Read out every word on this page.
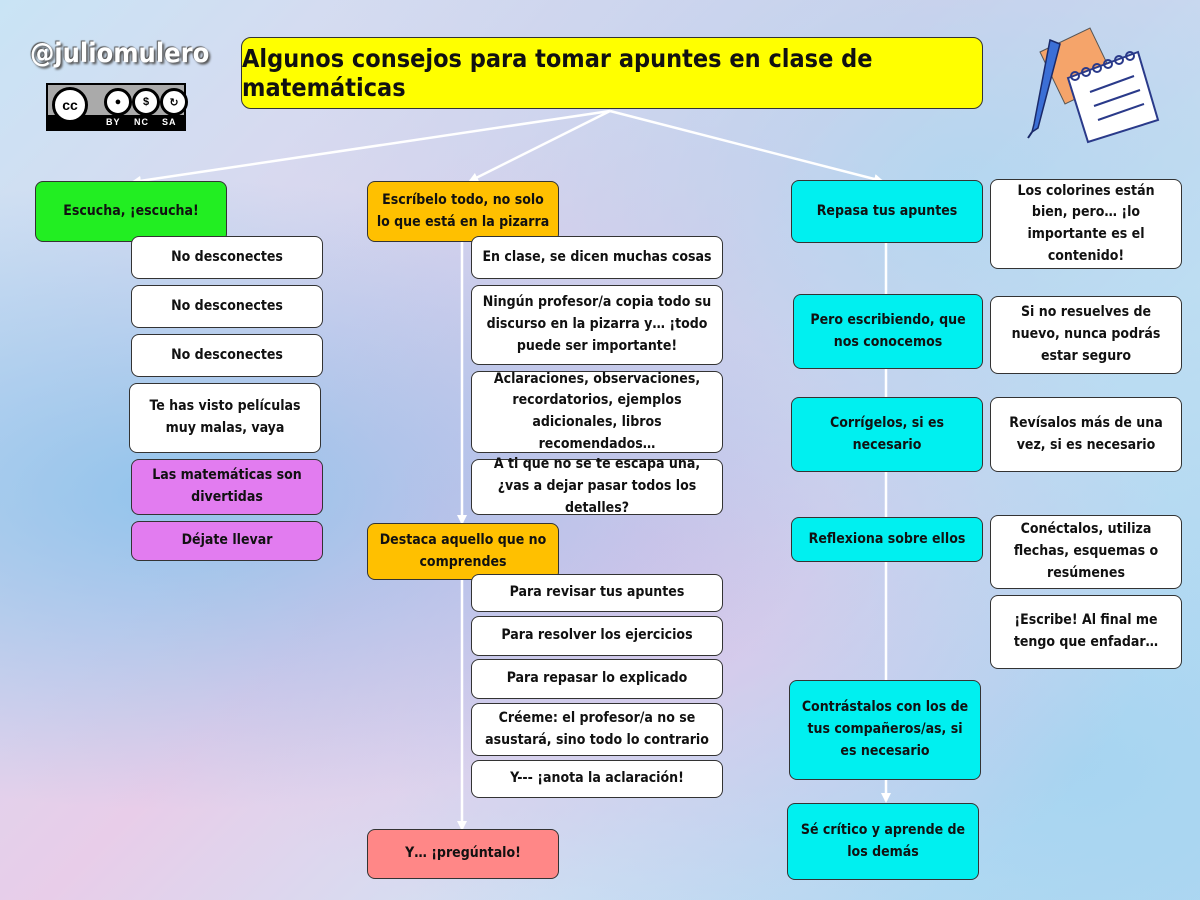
@juliomulero
cc	●	$	↻
BY NC SA
Algunos consejos para tomar apuntes en clase de matemáticas
Escucha, ¡escucha!
No desconectes
No desconectes
No desconectes
Te has visto películas muy malas, vaya
Las matemáticas son divertidas
Déjate llevar
Escríbelo todo, no solo lo que está en la pizarra
En clase, se dicen muchas cosas
Ningún profesor/a copia todo su discurso en la pizarra y… ¡todo puede ser importante!
Aclaraciones, observaciones, recordatorios, ejemplos adicionales, libros recomendados…
A ti que no se te escapa una, ¿vas a dejar pasar todos los detalles?
Destaca aquello que no comprendes
Para revisar tus apuntes
Para resolver los ejercicios
Para repasar lo explicado
Créeme: el profesor/a no se asustará, sino todo lo contrario
Y--- ¡anota la aclaración!
Y… ¡pregúntalo!
Repasa tus apuntes
Pero escribiendo, que nos conocemos
Corrígelos, si es necesario
Reflexiona sobre ellos
Contrástalos con los de tus compañeros/as, si es necesario
Sé crítico y aprende de los demás
Los colorines están bien, pero… ¡lo importante es el contenido!
Si no resuelves de nuevo, nunca podrás estar seguro
Revísalos más de una vez, si es necesario
Conéctalos, utiliza flechas, esquemas o resúmenes
¡Escribe! Al final me tengo que enfadar…
